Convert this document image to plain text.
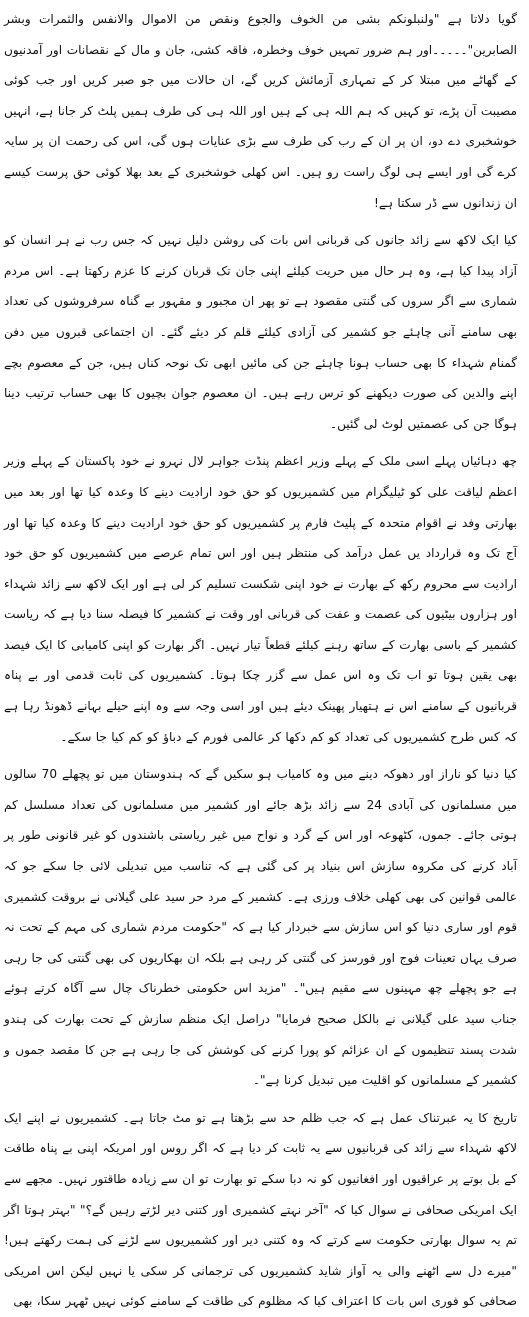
گویا دلاتا ہے "ولنبلونکم بشی من الخوف والجوع ونقص من الاموال والانفس والثمرات وبشر الصابرین"۔۔۔۔۔اور ہم ضرور تمہیں خوف وخطرہ، فاقہ کشی، جان و مال کے نقصانات اور آمدنیوں کے گھاٹے میں مبتلا کر کے تمہاری آزمائش کریں گے، ان حالات میں جو صبر کریں اور جب کوئی مصیبت آن پڑے، تو کہیں کہ ہم اللہ ہی کے ہیں اور اللہ ہی کی طرف ہمیں پلٹ کر جانا ہے، انہیں خوشخبری دے دو، ان پر ان کے رب کی طرف سے بڑی عنایات ہوں گی، اس کی رحمت ان پر سایہ کرے گی اور ایسے ہی لوگ راست رو ہیں۔ اس کھلی خوشخبری کے بعد بھلا کوئی حق پرست کیسے ان زندانوں سے ڈر سکتا ہے!

کیا ایک لاکھ سے زائد جانوں کی قربانی اس بات کی روشن دلیل نہیں کہ جس رب نے ہر انسان کو آزاد پیدا کیا ہے، وہ ہر حال میں حریت کیلئے اپنی جان تک قربان کرنے کا عزم رکھتا ہے۔ اس مردم شماری سے اگر سروں کی گنتی مقصود ہے تو پھر ان مجبور و مقہور بے گناہ سرفروشوں کی تعداد بھی سامنے آنی چاہئے جو کشمیر کی آزادی کیلئے قلم کر دیئے گئے۔ ان اجتماعی قبروں میں دفن گمنام شہداء کا بھی حساب ہونا چاہئے جن کی مائیں ابھی تک نوحہ کناں ہیں، جن کے معصوم بچے اپنے والدین کی صورت دیکھنے کو ترس رہے ہیں۔ ان معصوم جوان بچیوں کا بھی حساب ترتیب دینا ہوگا جن کی عصمتیں لوٹ لی گئیں۔

چھ دہائیاں پہلے اسی ملک کے پہلے وزیر اعظم پنڈت جواہر لال نہرو نے خود پاکستان کے پہلے وزیر اعظم لیاقت علی کو ٹیلیگرام میں کشمیریوں کو حق خود ارادیت دینے کا وعدہ کیا تھا اور بعد میں بھارتی وفد نے اقوام متحدہ کے پلیٹ فارم پر کشمیریوں کو حق خود ارادیت دینے کا وعدہ کیا تھا اور آج تک وہ قرارداد یں عمل درآمد کی منتظر ہیں اور اس تمام عرصے میں کشمیریوں کو حق خود ارادیت سے محروم رکھ کے بھارت نے خود اپنی شکست تسلیم کر لی ہے اور ایک لاکھ سے زائد شہداء اور ہزاروں بیٹیوں کی عصمت و عفت کی قربانی اور وقت نے کشمیر کا فیصلہ سنا دیا ہے کہ ریاست کشمیر کے باسی بھارت کے ساتھ رہنے کیلئے قطعاً تیار نہیں۔ اگر بھارت کو اپنی کامیابی کا ایک فیصد بھی یقین ہوتا تو اب تک وہ اس عمل سے گزر چکا ہوتا۔ کشمیریوں کی ثابت قدمی اور بے پناہ قربانیوں کے سامنے اس نے ہتھیار پھینک دیئے ہیں اور اسی وجہ سے وہ اپنے حیلے بہانے ڈھونڈ رہا ہے کہ کس طرح کشمیریوں کی تعداد کو کم دکھا کر عالمی فورم کے دباؤ کو کم کیا جا سکے۔

کیا دنیا کو ناراز اور دھوکہ دینے میں وہ کامیاب ہو سکیں گے کہ ہندوستان میں تو پچھلے 70 سالوں میں مسلمانوں کی آبادی 24 سے زائد بڑھ جائے اور کشمیر میں مسلمانوں کی تعداد مسلسل کم ہوتی جائے۔ جموں، کٹھوعہ اور اس کے گرد و نواح میں غیر ریاستی باشندوں کو غیر قانونی طور پر آباد کرنے کی مکروہ سازش اس بنیاد پر کی گئی ہے کہ تناسب میں تبدیلی لائی جا سکے جو کہ عالمی قوانین کی بھی کھلی خلاف ورزی ہے۔ کشمیر کے مرد حر سید علی گیلانی نے بروقت کشمیری قوم اور ساری دنیا کو اس سازش سے خبردار کیا ہے کہ "حکومت مردم شماری کی مہم کے تحت نہ صرف یہاں تعینات فوج اور فورسز کی گنتی کر رہی ہے بلکہ ان بھکاریوں کی بھی گنتی کی جا رہی ہے جو پچھلے چھ مہینوں سے مقیم ہیں"۔ "مزید اس حکومتی خطرناک چال سے آگاہ کرتے ہوئے جناب سید علی گیلانی نے بالکل صحیح فرمایا" دراصل ایک منظم سازش کے تحت بھارت کی ہندو شدت پسند تنظیموں کے ان عزائم کو پورا کرنے کی کوشش کی جا رہی ہے جن کا مقصد جموں و کشمیر کے مسلمانوں کو اقلیت میں تبدیل کرنا ہے"۔

تاریخ کا یہ عبرتناک عمل ہے کہ جب ظلم حد سے بڑھتا ہے تو مٹ جاتا ہے۔ کشمیریوں نے اپنے ایک لاکھ شہداء سے زائد کی قربانیوں سے یہ ثابت کر دیا ہے کہ اگر روس اور امریکہ اپنی بے پناہ طاقت کے بل بوتے پر عراقیوں اور افغانیوں کو نہ دبا سکے تو بھارت تو ان سے زیادہ طاقتور نہیں۔ مجھے سے ایک امریکی صحافی نے سوال کیا کہ "آخر نہتے کشمیری اور کتنی دیر لڑتے رہیں گے؟" "بہتر ہوتا اگر تم یہ سوال بھارتی حکومت سے کرتے کہ وہ کتنی دیر اور کشمیریوں سے لڑنے کی ہمت رکھتے ہیں! "میرے دل سے اٹھنے والی یہ آواز شاید کشمیریوں کی ترجمانی کر سکی یا نہیں لیکن اس امریکی صحافی کو فوری اس بات کا اعتراف کیا کہ مظلوم کی طاقت کے سامنے کوئی نہیں ٹھہر سکا، بھی
